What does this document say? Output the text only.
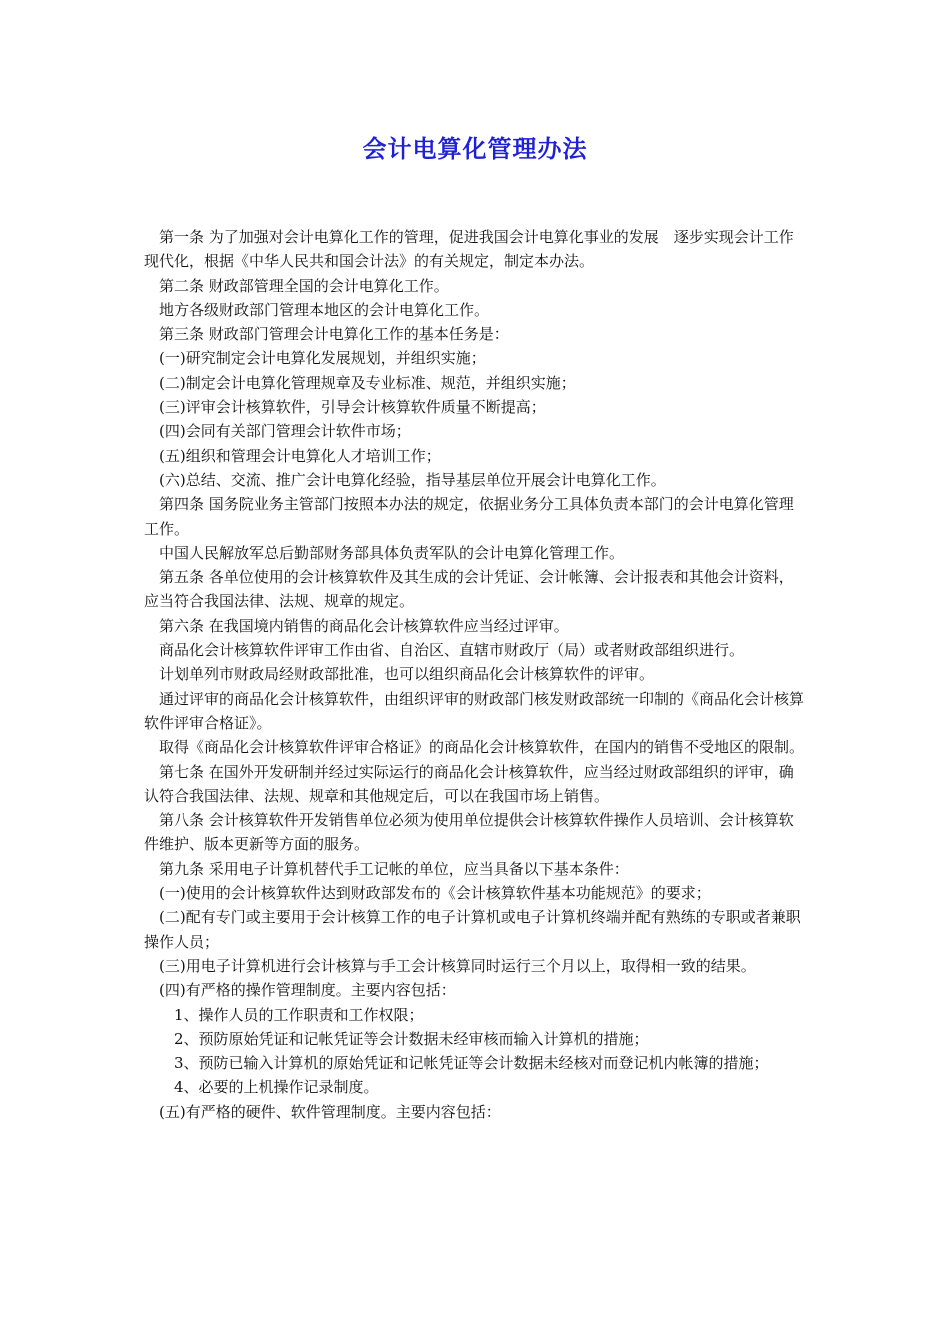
会计电算化管理办法

　第一条 为了加强对会计电算化工作的管理，促进我国会计电算化事业的发展　逐步实现会计工作现代化，根据《中华人民共和国会计法》的有关规定，制定本办法。

　第二条 财政部管理全国的会计电算化工作。

　地方各级财政部门管理本地区的会计电算化工作。

　第三条 财政部门管理会计电算化工作的基本任务是：

　(一)研究制定会计电算化发展规划，并组织实施；

　(二)制定会计电算化管理规章及专业标准、规范，并组织实施；

　(三)评审会计核算软件，引导会计核算软件质量不断提高；

　(四)会同有关部门管理会计软件市场；

　(五)组织和管理会计电算化人才培训工作；

　(六)总结、交流、推广会计电算化经验，指导基层单位开展会计电算化工作。

　第四条 国务院业务主管部门按照本办法的规定，依据业务分工具体负责本部门的会计电算化管理工作。

　中国人民解放军总后勤部财务部具体负责军队的会计电算化管理工作。

　第五条 各单位使用的会计核算软件及其生成的会计凭证、会计帐簿、会计报表和其他会计资料，应当符合我国法律、法规、规章的规定。

　第六条 在我国境内销售的商品化会计核算软件应当经过评审。

　商品化会计核算软件评审工作由省、自治区、直辖市财政厅（局）或者财政部组织进行。

　计划单列市财政局经财政部批准，也可以组织商品化会计核算软件的评审。

　通过评审的商品化会计核算软件，由组织评审的财政部门核发财政部统一印制的《商品化会计核算软件评审合格证》。

　取得《商品化会计核算软件评审合格证》的商品化会计核算软件，在国内的销售不受地区的限制。

　第七条 在国外开发研制并经过实际运行的商品化会计核算软件，应当经过财政部组织的评审，确认符合我国法律、法规、规章和其他规定后，可以在我国市场上销售。

　第八条 会计核算软件开发销售单位必须为使用单位提供会计核算软件操作人员培训、会计核算软件维护、版本更新等方面的服务。

　第九条 采用电子计算机替代手工记帐的单位，应当具备以下基本条件：

　(一)使用的会计核算软件达到财政部发布的《会计核算软件基本功能规范》的要求；

　(二)配有专门或主要用于会计核算工作的电子计算机或电子计算机终端并配有熟练的专职或者兼职操作人员；

　(三)用电子计算机进行会计核算与手工会计核算同时运行三个月以上，取得相一致的结果。

　(四)有严格的操作管理制度。主要内容包括：

　　1、操作人员的工作职责和工作权限；

　　2、预防原始凭证和记帐凭证等会计数据未经审核而输入计算机的措施；

　　3、预防已输入计算机的原始凭证和记帐凭证等会计数据未经核对而登记机内帐簿的措施；

　　4、必要的上机操作记录制度。

　(五)有严格的硬件、软件管理制度。主要内容包括：
